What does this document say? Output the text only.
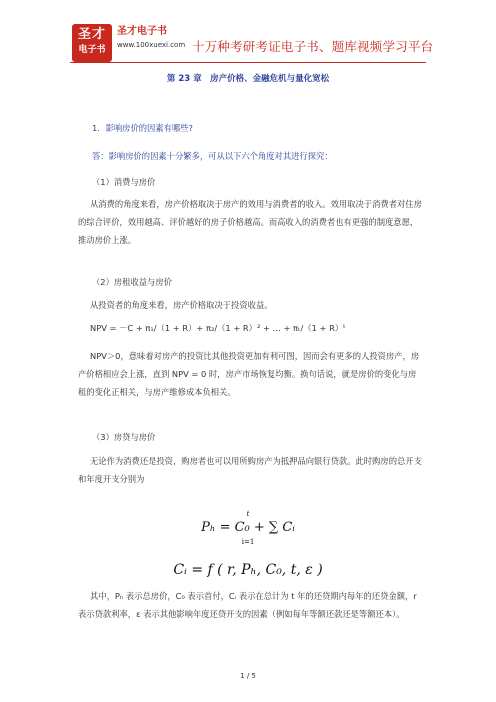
圣才
电子书
圣才电子书
www.100xuexi.com 十万种考研考证电子书、题库视频学习平台
第 23 章　房产价格、金融危机与量化宽松
1．影响房价的因素有哪些?
答：影响房价的因素十分繁多，可从以下六个角度对其进行探究：
（1）消费与房价
从消费的角度来看，房产价格取决于房产的效用与消费者的收入。效用取决于消费者对住房的综合评价，效用越高、评价越好的房子价格越高。而高收入的消费者也有更强的制度意愿，推动房价上涨。
（2）房租收益与房价
从投资者的角度来看，房产价格取决于投资收益。
NPV = －C + π₁/（1 + R）+ π₂/（1 + R）² + … + πₜ/（1 + R）ᵗ
NPV＞0，意味着对房产的投资比其他投资更加有利可图，因而会有更多的人投资房产，房产价格相应会上涨，直到 NPV = 0 时，房产市场恢复均衡。换句话说，就是房价的变化与房租的变化正相关，与房产维修成本负相关。
（3）房贷与房价
无论作为消费还是投资，购房者也可以用所购房产为抵押品向银行贷款。此时购房的总开支和年度开支分别为
t
Pₕ = C₀ + ∑ Cᵢ
i=1
Cᵢ = f ( r, Pₕ, C₀, t, ε )
其中，Pₕ 表示总房价，C₀ 表示首付，Cᵢ 表示在总计为 t 年的还贷期内每年的还贷金额，r 表示贷款利率，ε 表示其他影响年度还贷开支的因素（例如每年等额还款还是等额还本）。
1 / 5
